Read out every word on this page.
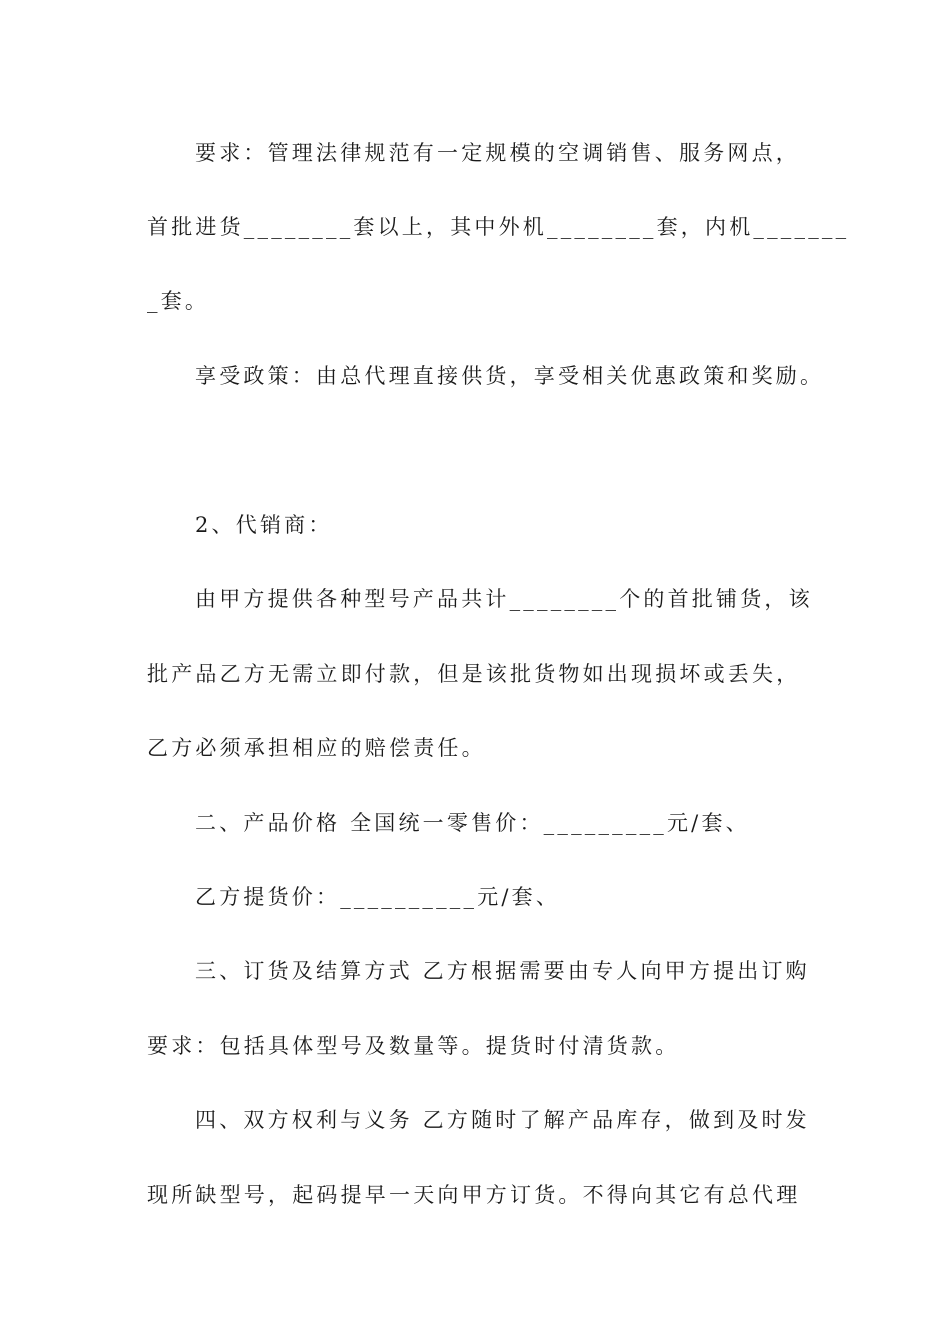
要求：管理法律规范有一定规模的空调销售、服务网点，
首批进货________套以上，其中外机________套，内机_______
_套。
享受政策：由总代理直接供货，享受相关优惠政策和奖励。
2、代销商：
由甲方提供各种型号产品共计________个的首批铺货，该
批产品乙方无需立即付款，但是该批货物如出现损坏或丢失，
乙方必须承担相应的赔偿责任。
二、产品价格 全国统一零售价：_________元/套、
乙方提货价：__________元/套、
三、订货及结算方式 乙方根据需要由专人向甲方提出订购
要求：包括具体型号及数量等。提货时付清货款。
四、双方权利与义务 乙方随时了解产品库存，做到及时发
现所缺型号，起码提早一天向甲方订货。不得向其它有总代理
